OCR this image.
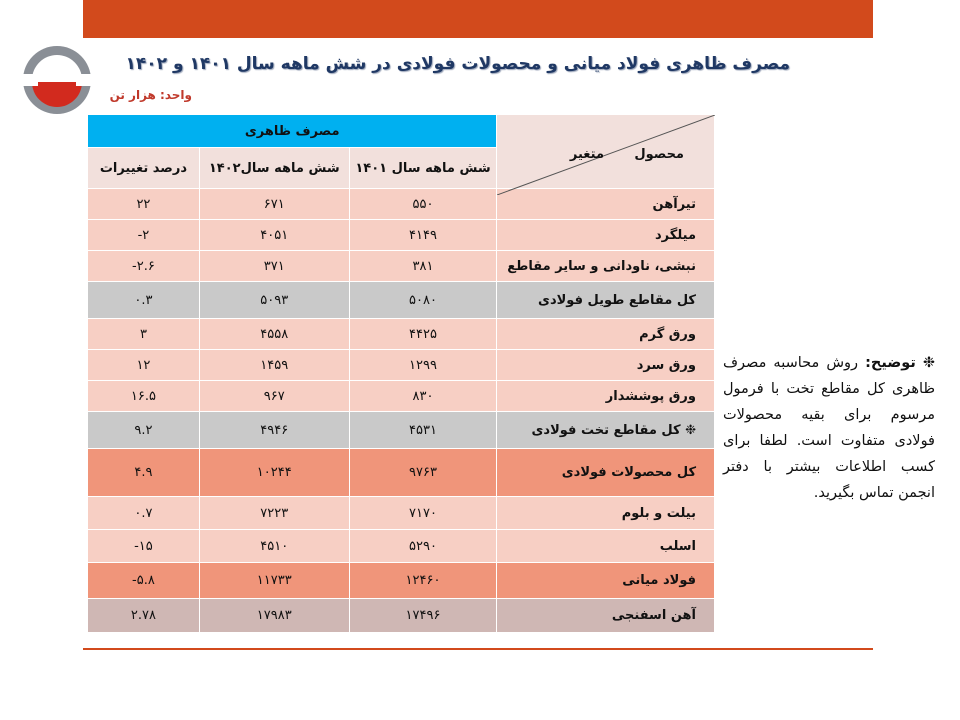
مصرف ظاهری فولاد میانی و محصولات فولادی در شش ماهه سال ۱۴۰۱ و ۱۴۰۲
واحد: هزار تن
محصول
متغیر	مصرف ظاهری		
	شش ماهه سال ۱۴۰۱	شش ماهه سال۱۴۰۲	درصد تغییرات
تیرآهن	۵۵۰	۶۷۱	۲۲
میلگرد	۴۱۴۹	۴۰۵۱	۲-
نبشی، ناودانی و سایر مقاطع	۳۸۱	۳۷۱	۲.۶-
کل مقاطع طویل فولادی	۵۰۸۰	۵۰۹۳	۰.۳
ورق گرم	۴۴۲۵	۴۵۵۸	۳
ورق سرد	۱۲۹۹	۱۴۵۹	۱۲
ورق پوششدار	۸۳۰	۹۶۷	۱۶.۵
❉ کل مقاطع تخت فولادی	۴۵۳۱	۴۹۴۶	۹.۲
کل محصولات فولادی	۹۷۶۳	۱۰۲۴۴	۴.۹
بیلت و بلوم	۷۱۷۰	۷۲۲۳	۰.۷
اسلب	۵۲۹۰	۴۵۱۰	۱۵-
فولاد میانی	۱۲۴۶۰	۱۱۷۳۳	۵.۸-
آهن اسفنجی	۱۷۴۹۶	۱۷۹۸۳	۲.۷۸
❉ توضیح: روش محاسبه مصرف ظاهری کل مقاطع تخت با فرمول مرسوم برای بقیه محصولات فولادی متفاوت است. لطفا برای کسب اطلاعات بیشتر با دفتر انجمن تماس بگیرید.
